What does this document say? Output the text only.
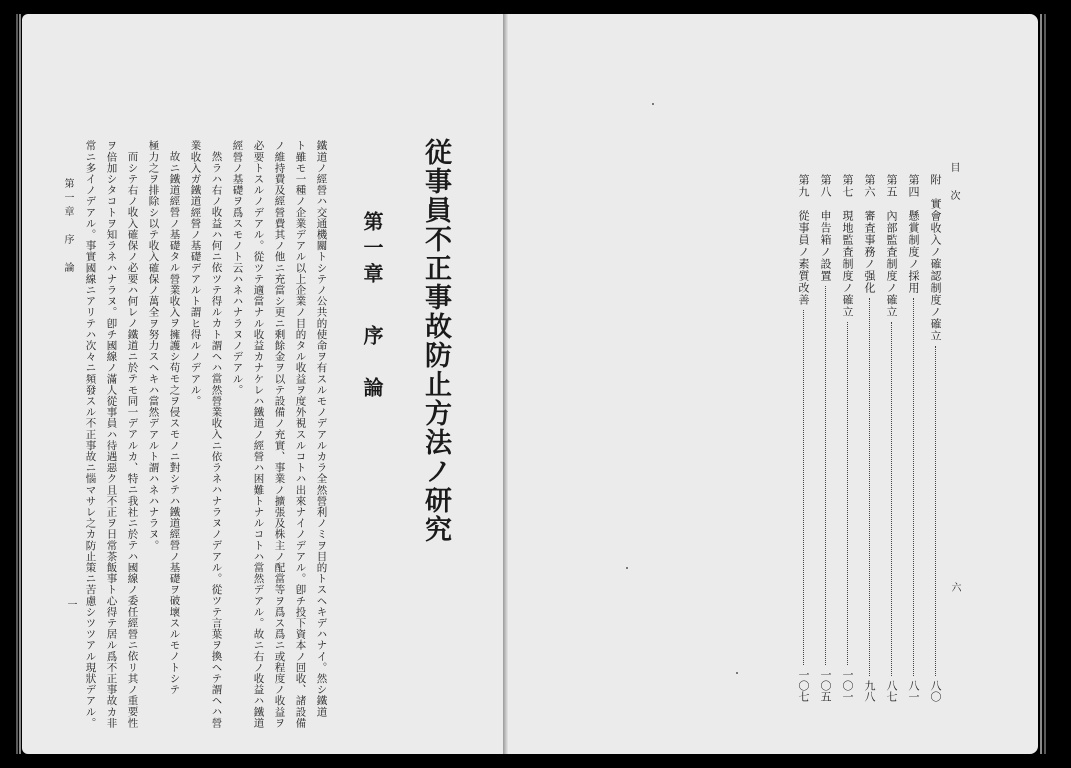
従事員不正事故防止方法ノ研究
第一章序　論
鐵道ノ經營ハ交通機關トシテノ公共的使命ヲ有スルモノデアルカラ全然營利ノミヲ目的トスヘキデハナイ。然シ鐵道
ト雖モ一種ノ企業デアル以上企業ノ目的タル收益ヲ度外視スルコトハ出來ナイノデアル。卽チ投下資本ノ回收、諸設備
ノ維持費及經營費其ノ他ニ充當シ更ニ剩餘金ヲ以テ設備ノ充實、事業ノ擴張及株主ノ配當等ヲ爲ス爲ニ或程度ノ收益ヲ
必要トスルノデアル。從ツテ適當ナル收益カナケレハ鐵道ノ經營ハ困難トナルコトハ當然デアル。故ニ右ノ收益ハ鐵道
經營ノ基礎ヲ爲スモノト云ハネハナラヌノデアル。
然ラハ右ノ收益ハ何ニ依ツテ得ルカト謂ヘハ當然營業收入ニ依ラネハナラヌノデアル。從ツテ言葉ヲ換ヘテ謂ヘハ營
業收入ガ鐵道經營ノ基礎デアルト謂ヒ得ルノデアル。
故ニ鐵道經營ノ基礎タル營業收入ヲ擁護シ苟モ之ヲ侵スモノニ對シテハ鐵道經營ノ基礎ヲ破壞スルモノトシテ
極力之ヲ排除シ以テ收入確保ノ萬全ヲ努力スヘキハ當然デアルト謂ハネハナラヌ。
而シテ右ノ收入確保ノ必要ハ何レノ鐵道ニ於テモ同一デアルカ、特ニ我社ニ於テハ國線ノ委任經營ニ依リ其ノ重要性
ヲ倍加シタコトヲ知ラネハナラヌ。卽チ國線ノ滿人從事員ハ待遇惡ク且不正ヲ日常茶飯事ト心得テ居ル爲不正事故カ非
常ニ多イノデアル。事實國線ニアリテハ次々ニ頻發スル不正事故ニ惱マサレ之カ防止策ニ苦慮シツツアル現狀デアル。
第一章　序　論
一
目　次
六
附　實會收入ノ確認制度ノ確立
八〇
第四　懸賞制度ノ採用
八一
第五　內部監査制度ノ確立
八七
第六　審査事務ノ强化
九八
第七　現地監査制度ノ確立
一〇一
第八　申告箱ノ設置
一〇五
第九　從事員ノ素質改善
一〇七
